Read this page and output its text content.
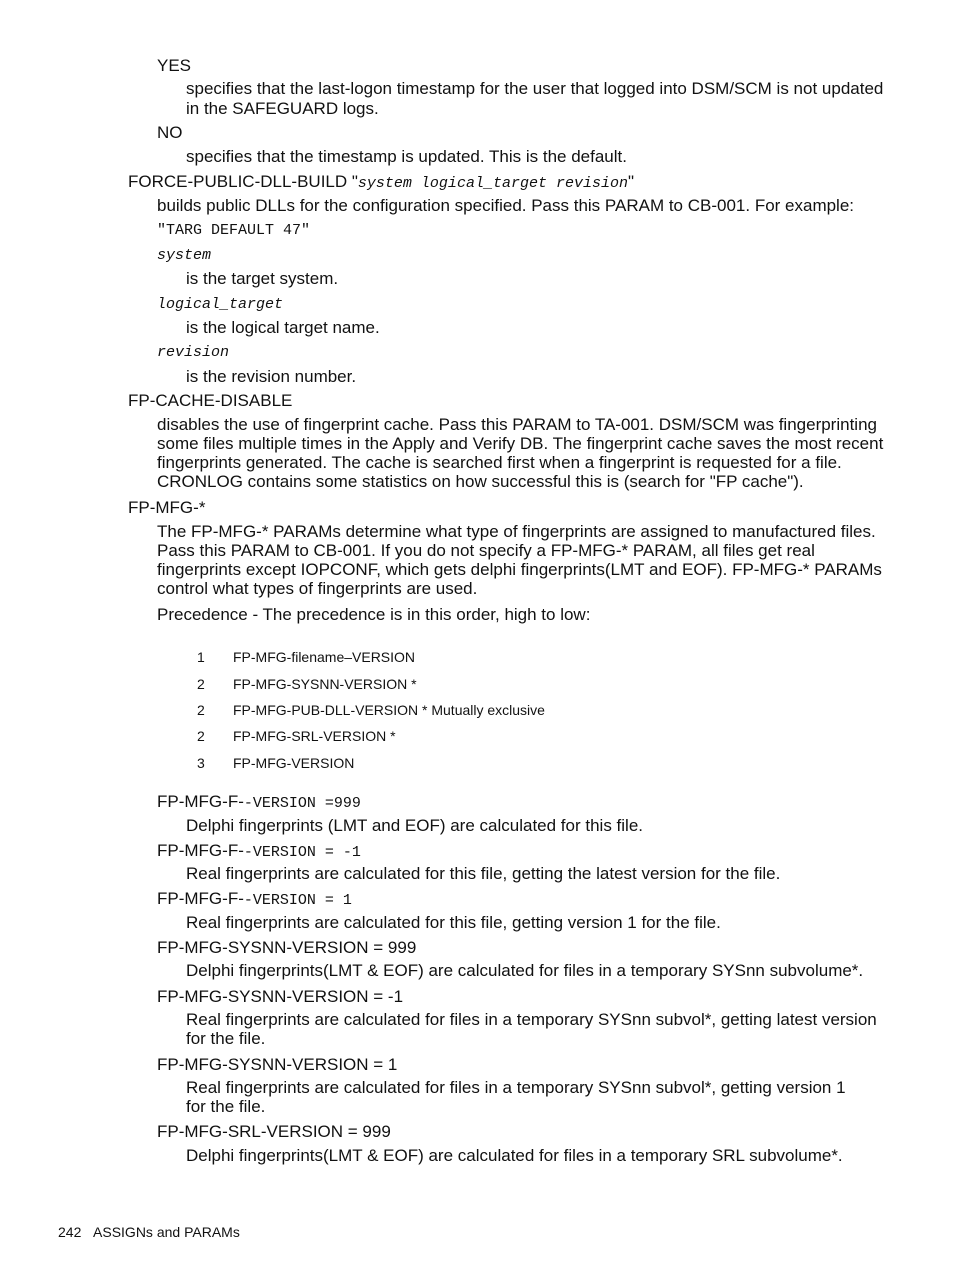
YES
specifies that the last-logon timestamp for the user that logged into DSM/SCM is not updated
in the SAFEGUARD logs.
NO
specifies that the timestamp is updated. This is the default.
FORCE-PUBLIC-DLL-BUILD "system logical_target revision"
builds public DLLs for the configuration specified. Pass this PARAM to CB-001. For example:
"TARG DEFAULT 47"
system
is the target system.
logical_target
is the logical target name.
revision
is the revision number.
FP-CACHE-DISABLE
disables the use of fingerprint cache. Pass this PARAM to TA-001. DSM/SCM was fingerprinting
some files multiple times in the Apply and Verify DB. The fingerprint cache saves the most recent
fingerprints generated. The cache is searched first when a fingerprint is requested for a file.
CRONLOG contains some statistics on how successful this is (search for "FP cache").
FP-MFG-*
The FP-MFG-* PARAMs determine what type of fingerprints are assigned to manufactured files.
Pass this PARAM to CB-001. If you do not specify a FP-MFG-* PARAM, all files get real
fingerprints except IOPCONF, which gets delphi fingerprints(LMT and EOF). FP-MFG-* PARAMs
control what types of fingerprints are used.
Precedence - The precedence is in this order, high to low:
1 FP-MFG-filename–VERSION
2 FP-MFG-SYSNN-VERSION *
2 FP-MFG-PUB-DLL-VERSION * Mutually exclusive
2 FP-MFG-SRL-VERSION *
3 FP-MFG-VERSION
FP-MFG-F--VERSION =999
Delphi fingerprints (LMT and EOF) are calculated for this file.
FP-MFG-F--VERSION = -1
Real fingerprints are calculated for this file, getting the latest version for the file.
FP-MFG-F--VERSION = 1
Real fingerprints are calculated for this file, getting version 1 for the file.
FP-MFG-SYSNN-VERSION = 999
Delphi fingerprints(LMT & EOF) are calculated for files in a temporary SYSnn subvolume*.
FP-MFG-SYSNN-VERSION = -1
Real fingerprints are calculated for files in a temporary SYSnn subvol*, getting latest version
for the file.
FP-MFG-SYSNN-VERSION = 1
Real fingerprints are calculated for files in a temporary SYSnn subvol*, getting version 1
for the file.
FP-MFG-SRL-VERSION = 999
Delphi fingerprints(LMT & EOF) are calculated for files in a temporary SRL subvolume*.
242 ASSIGNs and PARAMs
